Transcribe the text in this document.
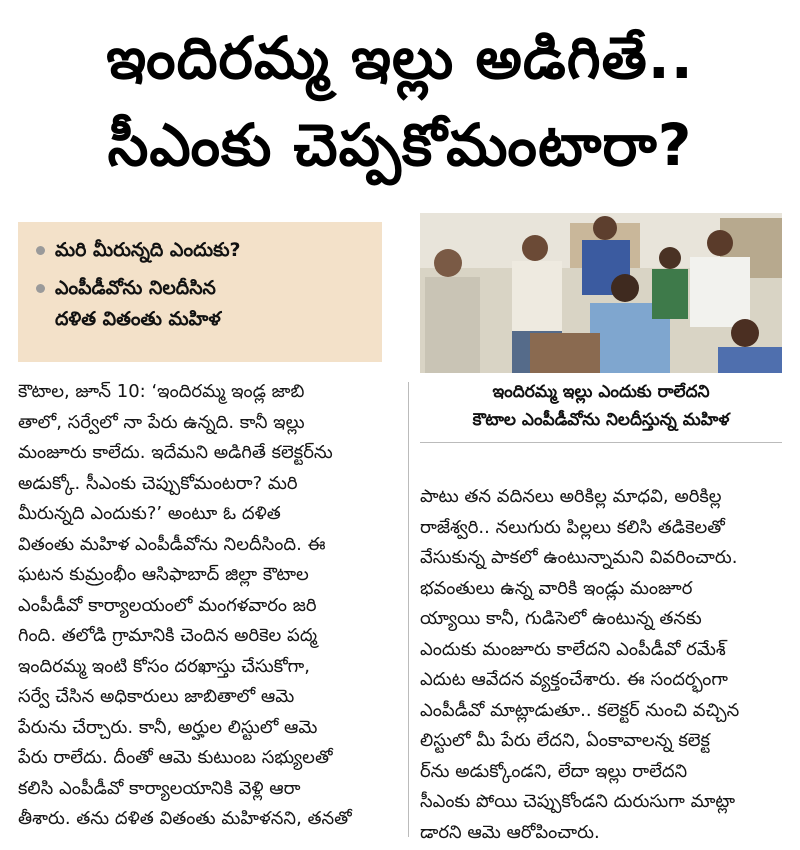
ఇందిరమ్మ ఇల్లు అడిగితే..
సీఎంకు చెప్పకోమంటారా?
మరి మీరున్నది ఎందుకు?
ఎంపీడీవోను నిలదీసిన
దళిత వితంతు మహిళ
ఇందిరమ్మ ఇల్లు ఎందుకు రాలేదని
కౌటాల ఎంపీడీవోను నిలదీస్తున్న మహిళ
కౌటాల, జూన్ 10: ‘ఇందిరమ్మ ఇండ్ల జాబి
తాలో, సర్వేలో నా పేరు ఉన్నది. కానీ ఇల్లు
మంజూరు కాలేదు. ఇదేమని అడిగితే కలెక్టర్‌ను
అడుక్కో. సీఎంకు చెప్పుకోమంటరా? మరి
మీరున్నది ఎందుకు?’ అంటూ ఓ దళిత
వితంతు మహిళ ఎంపీడీవోను నిలదీసింది. ఈ
ఘటన కుమ్రంభీం ఆసిఫాబాద్ జిల్లా కౌటాల
ఎంపీడీవో కార్యాలయంలో మంగళవారం జరి
గింది. తలోడి గ్రామానికి చెందిన అరికెల పద్మ
ఇందిరమ్మ ఇంటి కోసం దరఖాస్తు చేసుకోగా,
సర్వే చేసిన అధికారులు జాబితాలో ఆమె
పేరును చేర్చారు. కానీ, అర్హుల లిస్టులో ఆమె
పేరు రాలేదు. దీంతో ఆమె కుటుంబ సభ్యులతో
కలిసి ఎంపీడీవో కార్యాలయానికి వెళ్లి ఆరా
తీశారు. తను దళిత వితంతు మహిళనని, తనతో
పాటు తన వదినలు అరికిల్ల మాధవి, అరికిల్ల
రాజేశ్వరి.. నలుగురు పిల్లలు కలిసి తడికెలతో
వేసుకున్న పాకలో ఉంటున్నామని వివరించారు.
భవంతులు ఉన్న వారికి ఇండ్లు మంజూర
య్యాయి కానీ, గుడిసెలో ఉంటున్న తనకు
ఎందుకు మంజూరు కాలేదని ఎంపీడీవో రమేశ్
ఎదుట ఆవేదన వ్యక్తంచేశారు. ఈ సందర్భంగా
ఎంపీడీవో మాట్లాడుతూ.. కలెక్టర్ నుంచి వచ్చిన
లిస్టులో మీ పేరు లేదని, ఏంకావాలన్న కలెక్ట
ర్‌ను అడుక్కోండని, లేదా ఇల్లు రాలేదని
సీఎంకు పోయి చెప్పుకోండని దురుసుగా మాట్లా
డారని ఆమె ఆరోపించారు.
